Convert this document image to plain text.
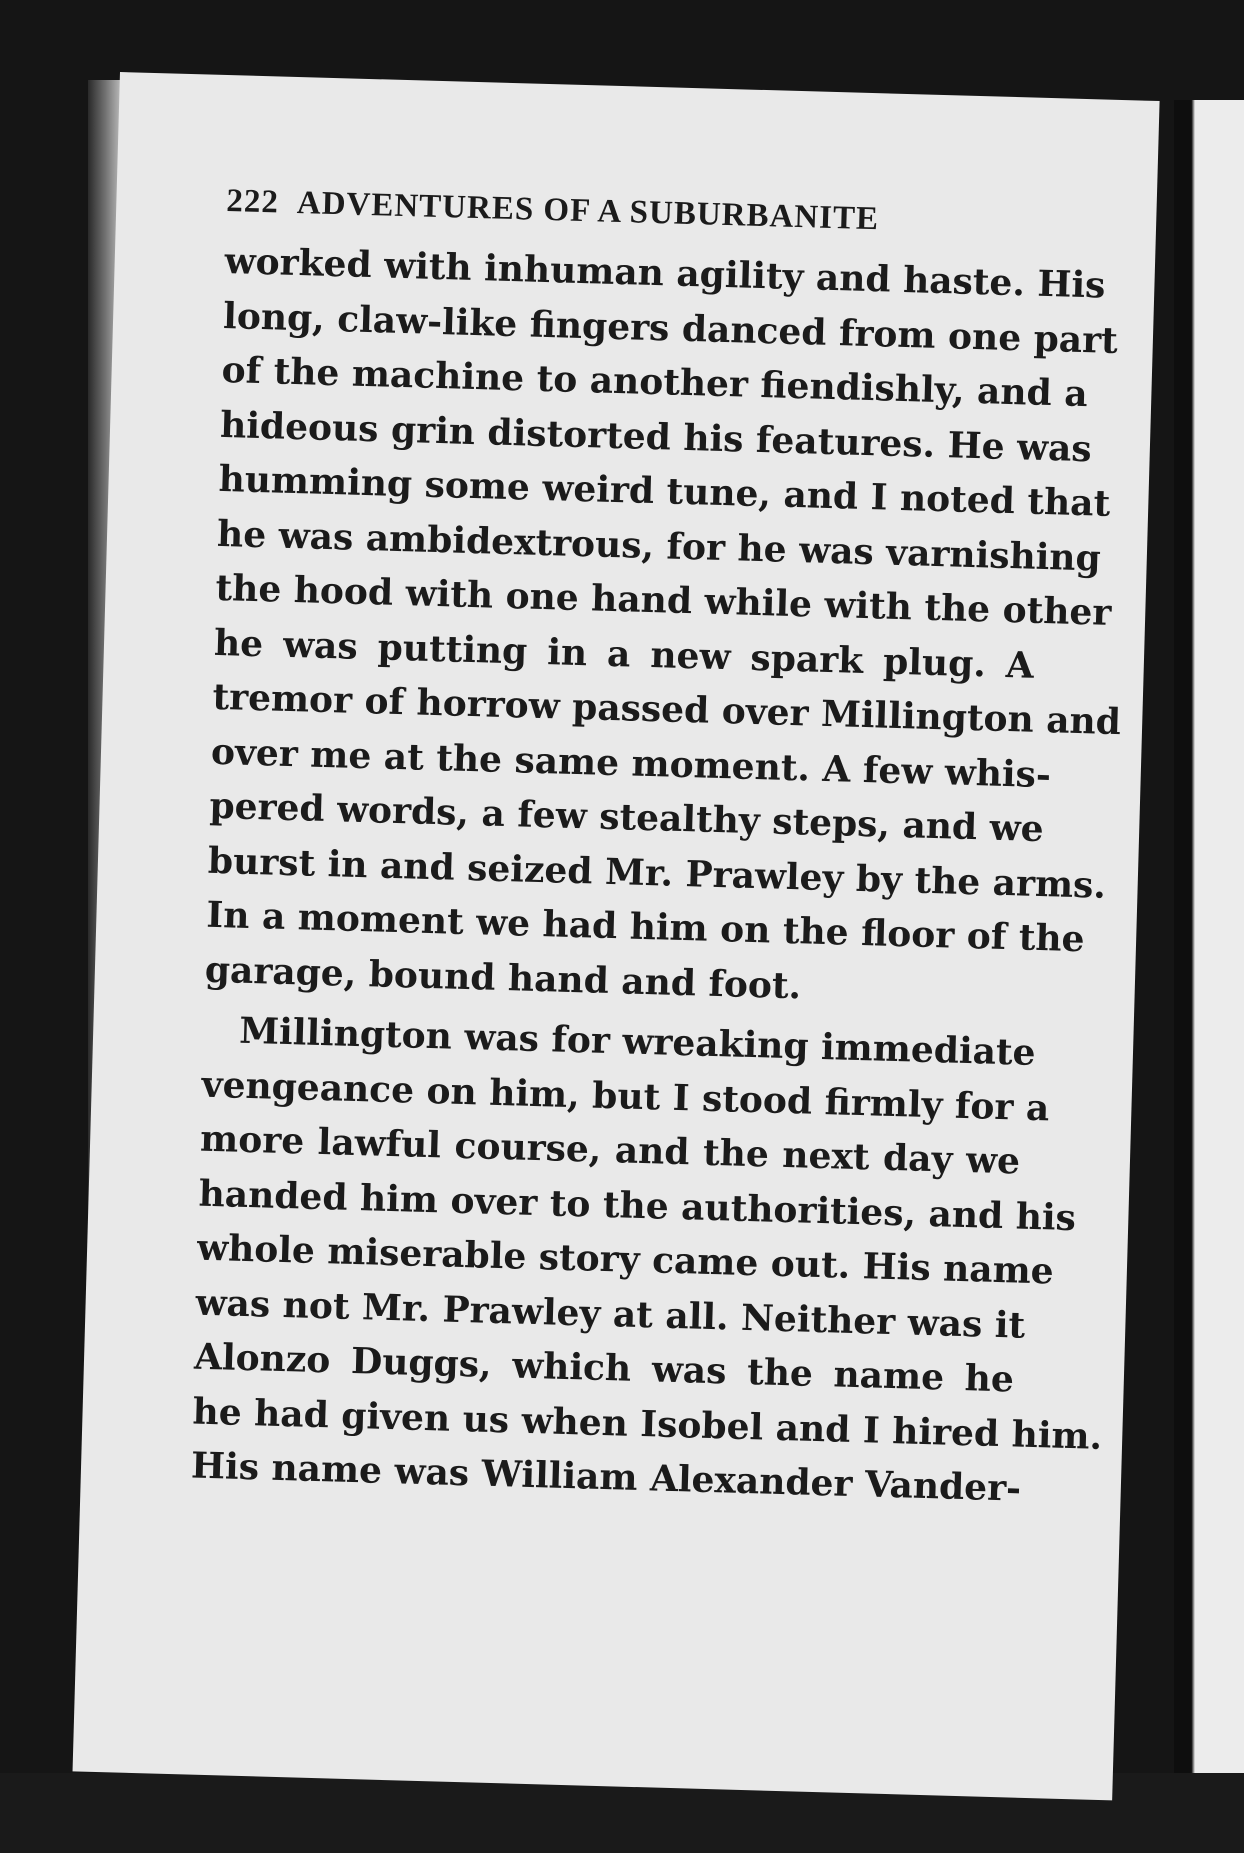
222 ADVENTURES OF A SUBURBANITE

worked with inhuman agility and haste. His
long, claw-like fingers danced from one part
of the machine to another fiendishly, and a
hideous grin distorted his features. He was
humming some weird tune, and I noted that
he was ambidextrous, for he was varnishing
the hood with one hand while with the other
he was putting in a new spark plug. A
tremor of horrow passed over Millington and
over me at the same moment. A few whis-
pered words, a few stealthy steps, and we
burst in and seized Mr. Prawley by the arms.
In a moment we had him on the floor of the
garage, bound hand and foot.

Millington was for wreaking immediate
vengeance on him, but I stood firmly for a
more lawful course, and the next day we
handed him over to the authorities, and his
whole miserable story came out. His name
was not Mr. Prawley at all. Neither was it
Alonzo Duggs, which was the name he
he had given us when Isobel and I hired him.
His name was William Alexander Vander-
